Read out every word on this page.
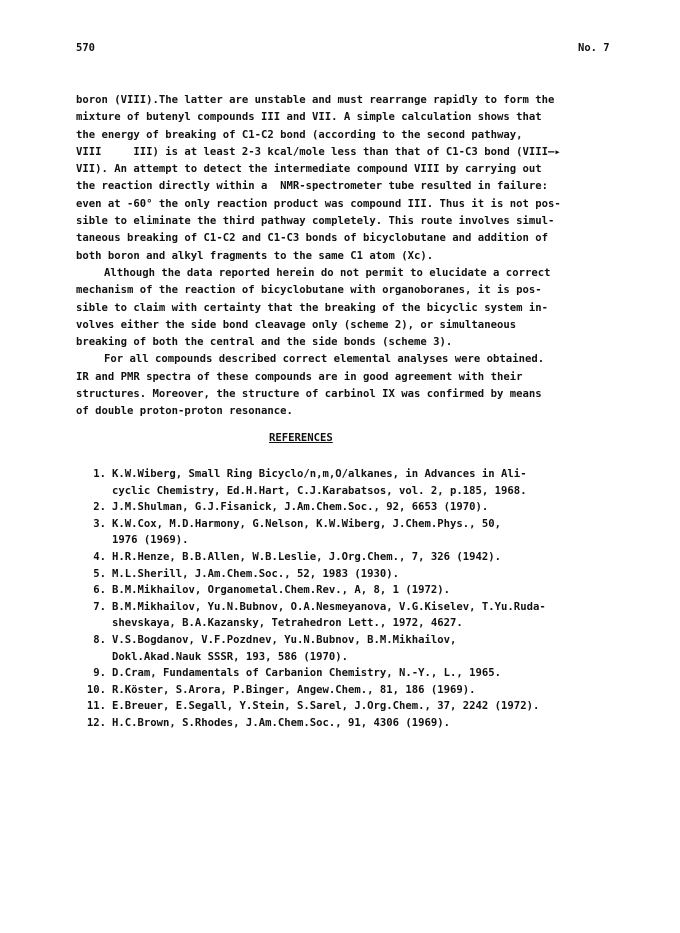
570	No. 7
boron (VIII).The latter are unstable and must rearrange rapidly to form the
mixture of butenyl compounds III and VII. A simple calculation shows that
the energy of breaking of C1-C2 bond (according to the second pathway,
VIII     III) is at least 2-3 kcal/mole less than that of C1-C3 bond (VIII—▸
VII). An attempt to detect the intermediate compound VIII by carrying out
the reaction directly within a  NMR-spectrometer tube resulted in failure:
even at -60° the only reaction product was compound III. Thus it is not pos-
sible to eliminate the third pathway completely. This route involves simul-
taneous breaking of C1-C2 and C1-C3 bonds of bicyclobutane and addition of
both boron and alkyl fragments to the same C1 atom (Xc).
Although the data reported herein do not permit to elucidate a correct
mechanism of the reaction of bicyclobutane with organoboranes, it is pos-
sible to claim with certainty that the breaking of the bicyclic system in-
volves either the side bond cleavage only (scheme 2), or simultaneous
breaking of both the central and the side bonds (scheme 3).
For all compounds described correct elemental analyses were obtained.
IR and PMR spectra of these compounds are in good agreement with their
structures. Moreover, the structure of carbinol IX was confirmed by means
of double proton-proton resonance.
REFERENCES
1. K.W.Wiberg, Small Ring Bicyclo/n,m,O/alkanes, in Advances in Ali-
cyclic Chemistry, Ed.H.Hart, C.J.Karabatsos, vol. 2, p.185, 1968.
2. J.M.Shulman, G.J.Fisanick, J.Am.Chem.Soc., 92, 6653 (1970).
3. K.W.Cox, M.D.Harmony, G.Nelson, K.W.Wiberg, J.Chem.Phys., 50,
1976 (1969).
4. H.R.Henze, B.B.Allen, W.B.Leslie, J.Org.Chem., 7, 326 (1942).
5. M.L.Sherill, J.Am.Chem.Soc., 52, 1983 (1930).
6. B.M.Mikhailov, Organometal.Chem.Rev., A, 8, 1 (1972).
7. B.M.Mikhailov, Yu.N.Bubnov, O.A.Nesmeyanova, V.G.Kiselev, T.Yu.Ruda-
shevskaya, B.A.Kazansky, Tetrahedron Lett., 1972, 4627.
8. V.S.Bogdanov, V.F.Pozdnev, Yu.N.Bubnov, B.M.Mikhailov,
Dokl.Akad.Nauk SSSR, 193, 586 (1970).
9. D.Cram, Fundamentals of Carbanion Chemistry, N.-Y., L., 1965.
10. R.Köster, S.Arora, P.Binger, Angew.Chem., 81, 186 (1969).
11. E.Breuer, E.Segall, Y.Stein, S.Sarel, J.Org.Chem., 37, 2242 (1972).
12. H.C.Brown, S.Rhodes, J.Am.Chem.Soc., 91, 4306 (1969).
